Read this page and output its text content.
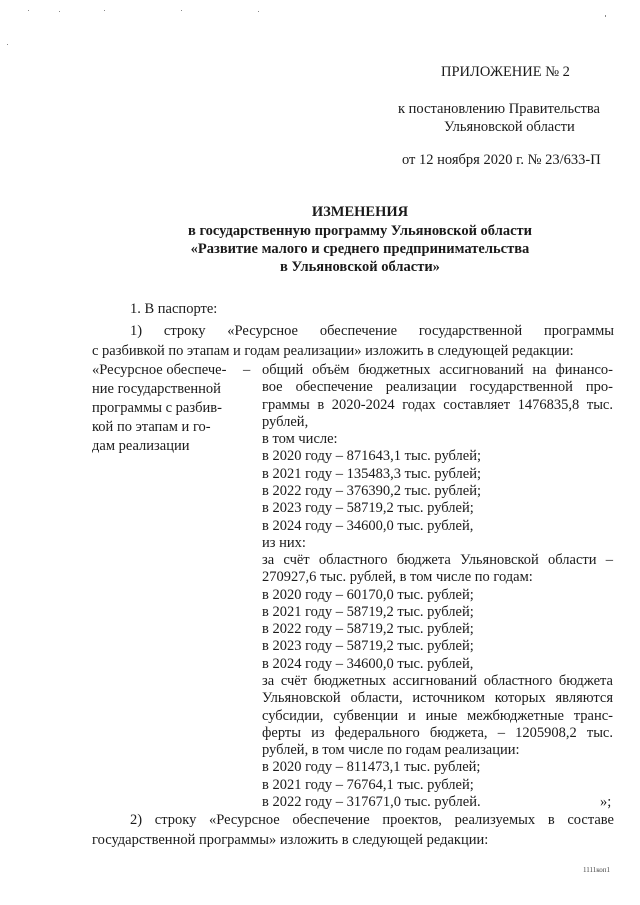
ПРИЛОЖЕНИЕ № 2
к постановлению Правительства
Ульяновской области
от 12 ноября 2020 г. № 23/633-П
ИЗМЕНЕНИЯ
в государственную программу Ульяновской области
«Развитие малого и среднего предпринимательства
в Ульяновской области»
1. В паспорте:
1) строку «Ресурсное обеспечение государственной программы
с разбивкой по этапам и годам реализации» изложить в следующей редакции:
«Ресурсное обеспече-
ние государственной
программы с разбив-
кой по этапам и го-
дам реализации
– общий объём бюджетных ассигнований на финансо-
вое обеспечение реализации государственной про-
граммы в 2020-2024 годах составляет 1476835,8 тыс.
рублей,
в том числе:
в 2020 году – 871643,1 тыс. рублей;
в 2021 году – 135483,3 тыс. рублей;
в 2022 году – 376390,2 тыс. рублей;
в 2023 году – 58719,2 тыс. рублей;
в 2024 году – 34600,0 тыс. рублей,
из них:
за счёт областного бюджета Ульяновской области –
270927,6 тыс. рублей, в том числе по годам:
в 2020 году – 60170,0 тыс. рублей;
в 2021 году – 58719,2 тыс. рублей;
в 2022 году – 58719,2 тыс. рублей;
в 2023 году – 58719,2 тыс. рублей;
в 2024 году – 34600,0 тыс. рублей,
за счёт бюджетных ассигнований областного бюджета
Ульяновской области, источником которых являются
субсидии, субвенции и иные межбюджетные транс-
ферты из федерального бюджета, – 1205908,2 тыс.
рублей, в том числе по годам реализации:
в 2020 году – 811473,1 тыс. рублей;
в 2021 году – 76764,1 тыс. рублей;
в 2022 году – 317671,0 тыс. рублей.	»;
2) строку «Ресурсное обеспечение проектов, реализуемых в составе
государственной программы» изложить в следующей редакции:
1111коп1
